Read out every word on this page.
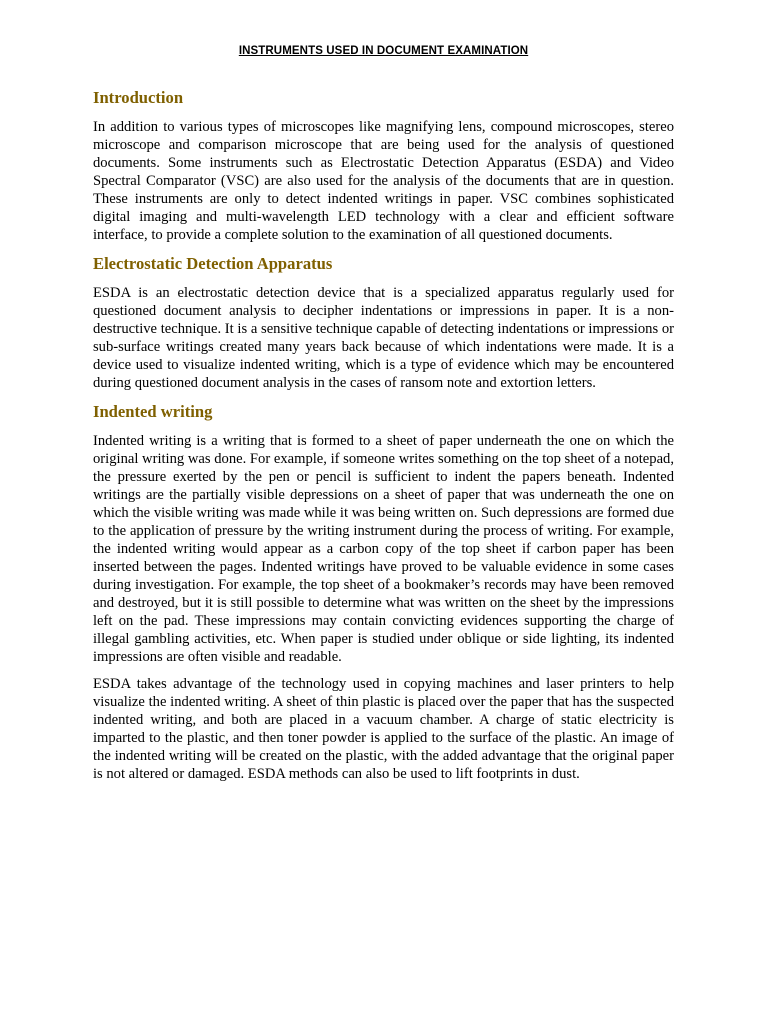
INSTRUMENTS USED IN DOCUMENT EXAMINATION
Introduction

In addition to various types of microscopes like magnifying lens, compound microscopes, stereo microscope and comparison microscope that are being used for the analysis of questioned documents. Some instruments such as Electrostatic Detection Apparatus (ESDA) and Video Spectral Comparator (VSC) are also used for the analysis of the documents that are in question. These instruments are only to detect indented writings in paper. VSC combines sophisticated digital imaging and multi-wavelength LED technology with a clear and efficient software interface, to provide a complete solution to the examination of all questioned documents.

Electrostatic Detection Apparatus

ESDA is an electrostatic detection device that is a specialized apparatus regularly used for questioned document analysis to decipher indentations or impressions in paper. It is a non-destructive technique. It is a sensitive technique capable of detecting indentations or impressions or sub-surface writings created many years back because of which indentations were made. It is a device used to visualize indented writing, which is a type of evidence which may be encountered during questioned document analysis in the cases of ransom note and extortion letters.

Indented writing

Indented writing is a writing that is formed to a sheet of paper underneath the one on which the original writing was done. For example, if someone writes something on the top sheet of a notepad, the pressure exerted by the pen or pencil is sufficient to indent the papers beneath. Indented writings are the partially visible depressions on a sheet of paper that was underneath the one on which the visible writing was made while it was being written on. Such depressions are formed due to the application of pressure by the writing instrument during the process of writing. For example, the indented writing would appear as a carbon copy of the top sheet if carbon paper has been inserted between the pages. Indented writings have proved to be valuable evidence in some cases during investigation. For example, the top sheet of a bookmaker’s records may have been removed and destroyed, but it is still possible to determine what was written on the sheet by the impressions left on the pad. These impressions may contain convicting evidences supporting the charge of illegal gambling activities, etc. When paper is studied under oblique or side lighting, its indented impressions are often visible and readable.

ESDA takes advantage of the technology used in copying machines and laser printers to help visualize the indented writing. A sheet of thin plastic is placed over the paper that has the suspected indented writing, and both are placed in a vacuum chamber. A charge of static electricity is imparted to the plastic, and then toner powder is applied to the surface of the plastic. An image of the indented writing will be created on the plastic, with the added advantage that the original paper is not altered or damaged. ESDA methods can also be used to lift footprints in dust.
